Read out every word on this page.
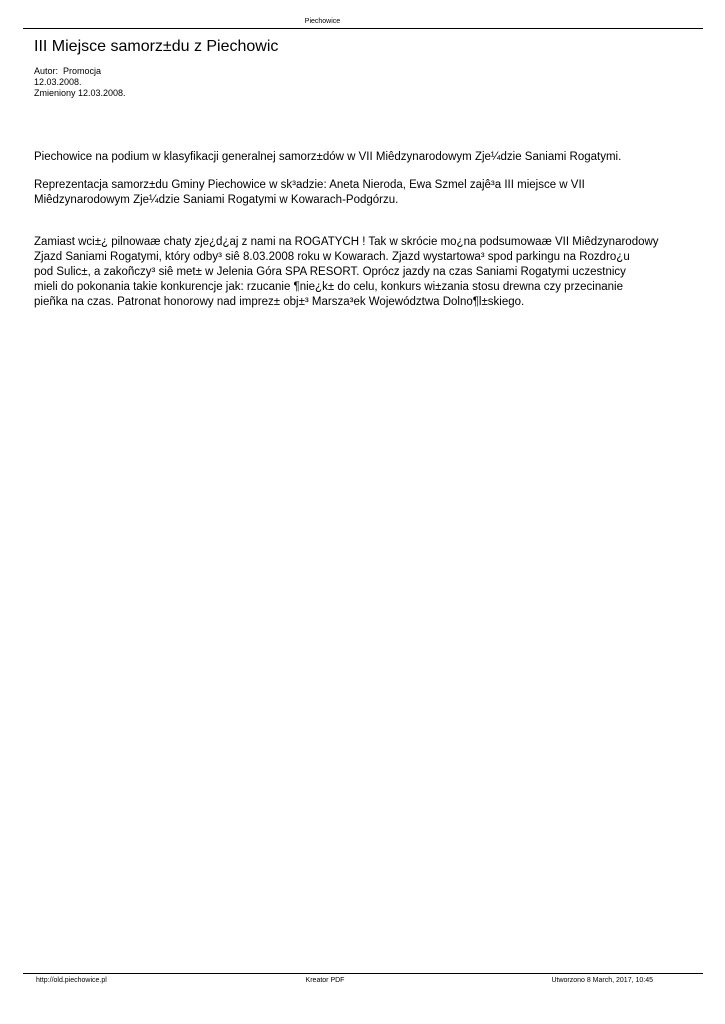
Piechowice
III Miejsce samorz±du z Piechowic
Autor:  Promocja
12.03.2008.
Zmieniony 12.03.2008.

Piechowice na podium w klasyfikacji generalnej samorz±dów w VII Miêdzynarodowym Zje¼dzie Saniami Rogatymi.

Reprezentacja samorz±du Gminy Piechowice w sk³adzie: Aneta Nieroda, Ewa Szmel zajê³a III miejsce w VII
Miêdzynarodowym Zje¼dzie Saniami Rogatymi w Kowarach-Podgórzu.

Zamiast wci±¿ pilnowaæ chaty zje¿d¿aj z nami na ROGATYCH ! Tak w skrócie mo¿na podsumowaæ VII Miêdzynarodowy
Zjazd Saniami Rogatymi, który odby³ siê 8.03.2008 roku w Kowarach. Zjazd wystartowa³ spod parkingu na Rozdro¿u
pod Sulic±, a zakoñczy³ siê met± w Jelenia Góra SPA RESORT. Oprócz jazdy na czas Saniami Rogatymi uczestnicy
mieli do pokonania takie konkurencje jak: rzucanie ¶nie¿k± do celu, konkurs wi±zania stosu drewna czy przecinanie
pieñka na czas. Patronat honorowy nad imprez± obj±³ Marsza³ek Województwa Dolno¶l±skiego.

http://old.piechowice.pl	Kreator PDF	Utworzono 8 March, 2017, 10:45
